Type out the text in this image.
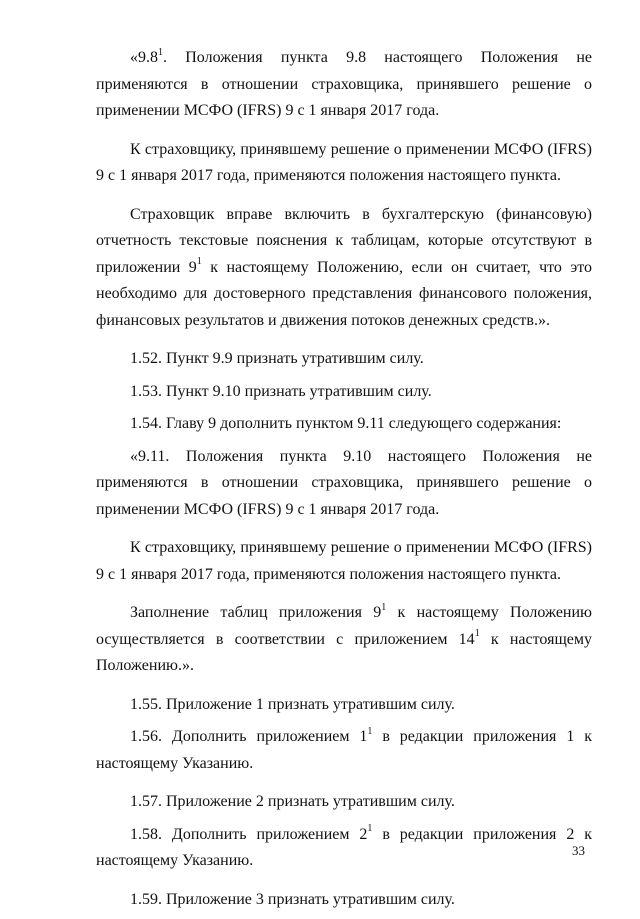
«$9.8^1$. Положения пункта 9.8 настоящего Положения не применяются в отношении страховщика, принявшего решение о применении МСФО (IFRS) 9 с 1 января 2017 года.

К страховщику, принявшему решение о применении МСФО (IFRS) 9 с 1 января 2017 года, применяются положения настоящего пункта.

Страховщик вправе включить в бухгалтерскую (финансовую) отчетность текстовые пояснения к таблицам, которые отсутствуют в приложении $9^1$ к настоящему Положению, если он считает, что это необходимо для достоверного представления финансового положения, финансовых результатов и движения потоков денежных средств.».

1.52. Пункт 9.9 признать утратившим силу.

1.53. Пункт 9.10 признать утратившим силу.

1.54. Главу 9 дополнить пунктом 9.11 следующего содержания:

«9.11. Положения пункта 9.10 настоящего Положения не применяются в отношении страховщика, принявшего решение о применении МСФО (IFRS) 9 с 1 января 2017 года.

К страховщику, принявшему решение о применении МСФО (IFRS) 9 с 1 января 2017 года, применяются положения настоящего пункта.

Заполнение таблиц приложения $9^1$ к настоящему Положению осуществляется в соответствии с приложением $14^1$ к настоящему Положению.».

1.55. Приложение 1 признать утратившим силу.

1.56. Дополнить приложением $1^1$ в редакции приложения 1 к настоящему Указанию.

1.57. Приложение 2 признать утратившим силу.

1.58. Дополнить приложением $2^1$ в редакции приложения 2 к настоящему Указанию.

1.59. Приложение 3 признать утратившим силу.

33
